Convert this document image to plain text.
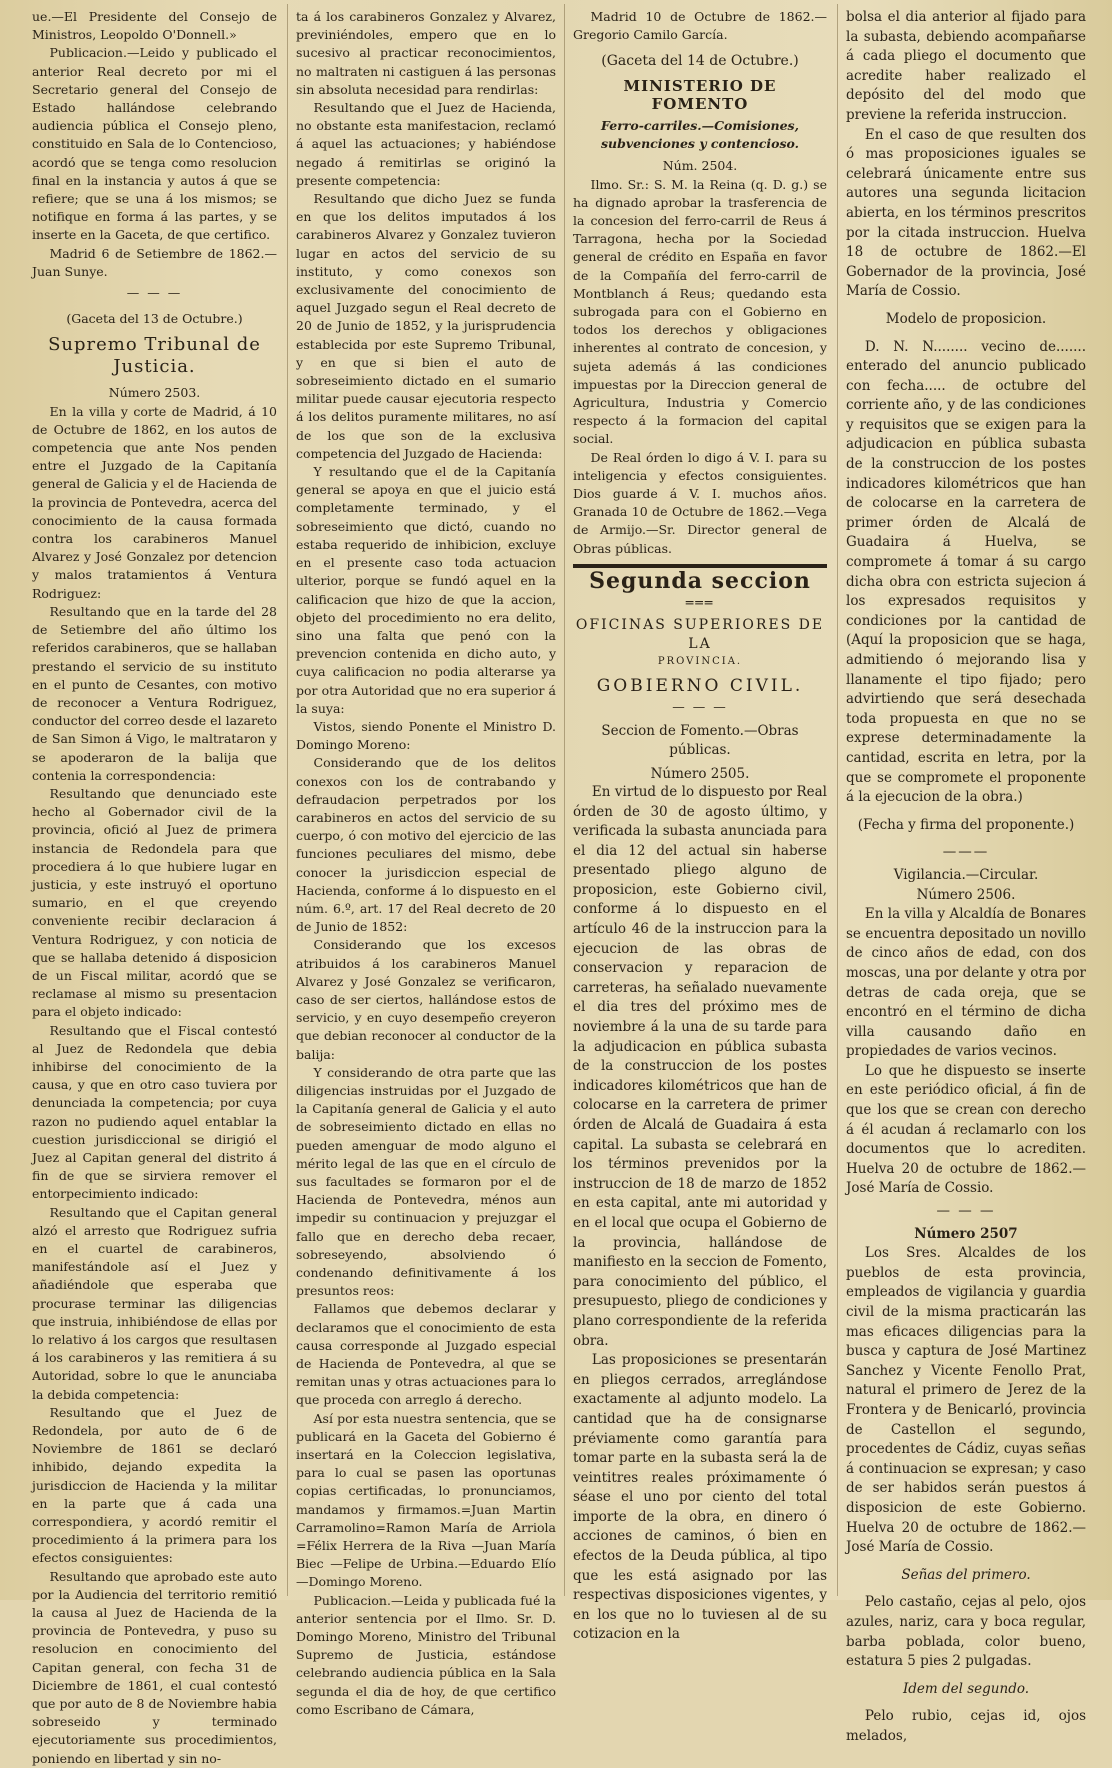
ue.—El Presidente del Consejo de Ministros, Leopoldo O'Donnell.»

Publicacion.—Leido y publicado el anterior Real decreto por mi el Secretario general del Consejo de Estado hallándose celebrando audiencia pública el Consejo pleno, constituido en Sala de lo Contencioso, acordó que se tenga como resolucion final en la instancia y autos á que se refiere; que se una á los mismos; se notifique en forma á las partes, y se inserte en la Gaceta, de que certifico.

Madrid 6 de Setiembre de 1862.—Juan Sunye.

— — —

(Gaceta del 13 de Octubre.)

Supremo Tribunal de Justicia.

Número 2503.

En la villa y corte de Madrid, á 10 de Octubre de 1862, en los autos de competencia que ante Nos penden entre el Juzgado de la Capitanía general de Galicia y el de Hacienda de la provincia de Pontevedra, acerca del conocimiento de la causa formada contra los carabineros Manuel Alvarez y José Gonzalez por detencion y malos tratamientos á Ventura Rodriguez:

Resultando que en la tarde del 28 de Setiembre del año último los referidos carabineros, que se hallaban prestando el servicio de su instituto en el punto de Cesantes, con motivo de reconocer a Ventura Rodriguez, conductor del correo desde el lazareto de San Simon á Vigo, le maltrataron y se apoderaron de la balija que contenia la correspondencia:

Resultando que denunciado este hecho al Gobernador civil de la provincia, ofició al Juez de primera instancia de Redondela para que procediera á lo que hubiere lugar en justicia, y este instruyó el oportuno sumario, en el que creyendo conveniente recibir declaracion á Ventura Rodriguez, y con noticia de que se hallaba detenido á disposicion de un Fiscal militar, acordó que se reclamase al mismo su presentacion para el objeto indicado:

Resultando que el Fiscal contestó al Juez de Redondela que debia inhibirse del conocimiento de la causa, y que en otro caso tuviera por denunciada la competencia; por cuya razon no pudiendo aquel entablar la cuestion jurisdiccional se dirigió el Juez al Capitan general del distrito á fin de que se sirviera remover el entorpecimiento indicado:

Resultando que el Capitan general alzó el arresto que Rodriguez sufria en el cuartel de carabineros, manifestándole así el Juez y añadiéndole que esperaba que procurase terminar las diligencias que instruia, inhibiéndose de ellas por lo relativo á los cargos que resultasen á los carabineros y las remitiera á su Autoridad, sobre lo que le anunciaba la debida competencia:

Resultando que el Juez de Redondela, por auto de 6 de Noviembre de 1861 se declaró inhibido, dejando expedita la jurisdiccion de Hacienda y la militar en la parte que á cada una correspondiera, y acordó remitir el procedimiento á la primera para los efectos consiguientes:

Resultando que aprobado este auto por la Audiencia del territorio remitió la causa al Juez de Hacienda de la provincia de Pontevedra, y puso su resolucion en conocimiento del Capitan general, con fecha 31 de Diciembre de 1861, el cual contestó que por auto de 8 de Noviembre habia sobreseido y terminado ejecutoriamente sus procedimientos, poniendo en libertad y sin no-

ta á los carabineros Gonzalez y Alvarez, previniéndoles, empero que en lo sucesivo al practicar reconocimientos, no maltraten ni castiguen á las personas sin absoluta necesidad para rendirlas:

Resultando que el Juez de Hacienda, no obstante esta manifestacion, reclamó á aquel las actuaciones; y habiéndose negado á remitirlas se originó la presente competencia:

Resultando que dicho Juez se funda en que los delitos imputados á los carabineros Alvarez y Gonzalez tuvieron lugar en actos del servicio de su instituto, y como conexos son exclusivamente del conocimiento de aquel Juzgado segun el Real decreto de 20 de Junio de 1852, y la jurisprudencia establecida por este Supremo Tribunal, y en que si bien el auto de sobreseimiento dictado en el sumario militar puede causar ejecutoria respecto á los delitos puramente militares, no así de los que son de la exclusiva competencia del Juzgado de Hacienda:

Y resultando que el de la Capitanía general se apoya en que el juicio está completamente terminado, y el sobreseimiento que dictó, cuando no estaba requerido de inhibicion, excluye en el presente caso toda actuacion ulterior, porque se fundó aquel en la calificacion que hizo de que la accion, objeto del procedimiento no era delito, sino una falta que penó con la prevencion contenida en dicho auto, y cuya calificacion no podia alterarse ya por otra Autoridad que no era superior á la suya:

Vistos, siendo Ponente el Ministro D. Domingo Moreno:

Considerando que de los delitos conexos con los de contrabando y defraudacion perpetrados por los carabineros en actos del servicio de su cuerpo, ó con motivo del ejercicio de las funciones peculiares del mismo, debe conocer la jurisdiccion especial de Hacienda, conforme á lo dispuesto en el núm. 6.º, art. 17 del Real decreto de 20 de Junio de 1852:

Considerando que los excesos atribuidos á los carabineros Manuel Alvarez y José Gonzalez se verificaron, caso de ser ciertos, hallándose estos de servicio, y en cuyo desempeño creyeron que debian reconocer al conductor de la balija:

Y considerando de otra parte que las diligencias instruidas por el Juzgado de la Capitanía general de Galicia y el auto de sobreseimiento dictado en ellas no pueden amenguar de modo alguno el mérito legal de las que en el círculo de sus facultades se formaron por el de Hacienda de Pontevedra, ménos aun impedir su continuacion y prejuzgar el fallo que en derecho deba recaer, sobreseyendo, absolviendo ó condenando definitivamente á los presuntos reos:

Fallamos que debemos declarar y declaramos que el conocimiento de esta causa corresponde al Juzgado especial de Hacienda de Pontevedra, al que se remitan unas y otras actuaciones para lo que proceda con arreglo á derecho.

Así por esta nuestra sentencia, que se publicará en la Gaceta del Gobierno é insertará en la Coleccion legislativa, para lo cual se pasen las oportunas copias certificadas, lo pronunciamos, mandamos y firmamos.=Juan Martin Carramolino=Ramon María de Arriola =Félix Herrera de la Riva —Juan María Biec —Felipe de Urbina.—Eduardo Elío —Domingo Moreno.

Publicacion.—Leida y publicada fué la anterior sentencia por el Ilmo. Sr. D. Domingo Moreno, Ministro del Tribunal Supremo de Justicia, estándose celebrando audiencia pública en la Sala segunda el dia de hoy, de que certifico como Escribano de Cámara,

Madrid 10 de Octubre de 1862.—Gregorio Camilo García.

(Gaceta del 14 de Octubre.)

MINISTERIO DE FOMENTO

Ferro-carriles.—Comisiones, subvenciones y contencioso.

Núm. 2504.

Ilmo. Sr.: S. M. la Reina (q. D. g.) se ha dignado aprobar la trasferencia de la concesion del ferro-carril de Reus á Tarragona, hecha por la Sociedad general de crédito en España en favor de la Compañía del ferro-carril de Montblanch á Reus; quedando esta subrogada para con el Gobierno en todos los derechos y obligaciones inherentes al contrato de concesion, y sujeta además á las condiciones impuestas por la Direccion general de Agricultura, Industria y Comercio respecto á la formacion del capital social.

De Real órden lo digo á V. I. para su inteligencia y efectos consiguientes. Dios guarde á V. I. muchos años. Granada 10 de Octubre de 1862.—Vega de Armijo.—Sr. Director general de Obras públicas.

Segunda seccion
═══
OFICINAS SUPERIORES DE LA
PROVINCIA.
GOBIERNO CIVIL.
— — —

Seccion de Fomento.—Obras públicas.

Número 2505.

En virtud de lo dispuesto por Real órden de 30 de agosto último, y verificada la subasta anunciada para el dia 12 del actual sin haberse presentado pliego alguno de proposicion, este Gobierno civil, conforme á lo dispuesto en el artículo 46 de la instruccion para la ejecucion de las obras de conservacion y reparacion de carreteras, ha señalado nuevamente el dia tres del próximo mes de noviembre á la una de su tarde para la adjudicacion en pública subasta de la construccion de los postes indicadores kilométricos que han de colocarse en la carretera de primer órden de Alcalá de Guadaira á esta capital. La subasta se celebrará en los términos prevenidos por la instruccion de 18 de marzo de 1852 en esta capital, ante mi autoridad y en el local que ocupa el Gobierno de la provincia, hallándose de manifiesto en la seccion de Fomento, para conocimiento del público, el presupuesto, pliego de condiciones y plano correspondiente de la referida obra.

Las proposiciones se presentarán en pliegos cerrados, arreglándose exactamente al adjunto modelo. La cantidad que ha de consignarse préviamente como garantía para tomar parte en la subasta será la de veintitres reales próximamente ó séase el uno por ciento del total importe de la obra, en dinero ó acciones de caminos, ó bien en efectos de la Deuda pública, al tipo que les está asignado por las respectivas disposiciones vigentes, y en los que no lo tuviesen al de su cotizacion en la

bolsa el dia anterior al fijado para la subasta, debiendo acompañarse á cada pliego el documento que acredite haber realizado el depósito del del modo que previene la referida instruccion.

En el caso de que resulten dos ó mas proposiciones iguales se celebrará únicamente entre sus autores una segunda licitacion abierta, en los términos prescritos por la citada instruccion. Huelva 18 de octubre de 1862.—El Gobernador de la provincia, José María de Cossio.

Modelo de proposicion.

D. N. N........ vecino de....... enterado del anuncio publicado con fecha..... de octubre del corriente año, y de las condiciones y requisitos que se exigen para la adjudicacion en pública subasta de la construccion de los postes indicadores kilométricos que han de colocarse en la carretera de primer órden de Alcalá de Guadaira á Huelva, se compromete á tomar á su cargo dicha obra con estricta sujecion á los expresados requisitos y condiciones por la cantidad de (Aquí la proposicion que se haga, admitiendo ó mejorando lisa y llanamente el tipo fijado; pero advirtiendo que será desechada toda propuesta en que no se exprese determinadamente la cantidad, escrita en letra, por la que se compromete el proponente á la ejecucion de la obra.)

(Fecha y firma del proponente.)

———

Vigilancia.—Circular.

Número 2506.

En la villa y Alcaldía de Bonares se encuentra depositado un novillo de cinco años de edad, con dos moscas, una por delante y otra por detras de cada oreja, que se encontró en el término de dicha villa causando daño en propiedades de varios vecinos.

Lo que he dispuesto se inserte en este periódico oficial, á fin de que los que se crean con derecho á él acudan á reclamarlo con los documentos que lo acrediten. Huelva 20 de octubre de 1862.—José María de Cossio.

— — —

Número 2507

Los Sres. Alcaldes de los pueblos de esta provincia, empleados de vigilancia y guardia civil de la misma practicarán las mas eficaces diligencias para la busca y captura de José Martinez Sanchez y Vicente Fenollo Prat, natural el primero de Jerez de la Frontera y de Benicarló, provincia de Castellon el segundo, procedentes de Cádiz, cuyas señas á continuacion se expresan; y caso de ser habidos serán puestos á disposicion de este Gobierno. Huelva 20 de octubre de 1862.—José María de Cossio.

Señas del primero.

Pelo castaño, cejas al pelo, ojos azules, nariz, cara y boca regular, barba poblada, color bueno, estatura 5 pies 2 pulgadas.

Idem del segundo.

Pelo rubio, cejas id, ojos melados,
